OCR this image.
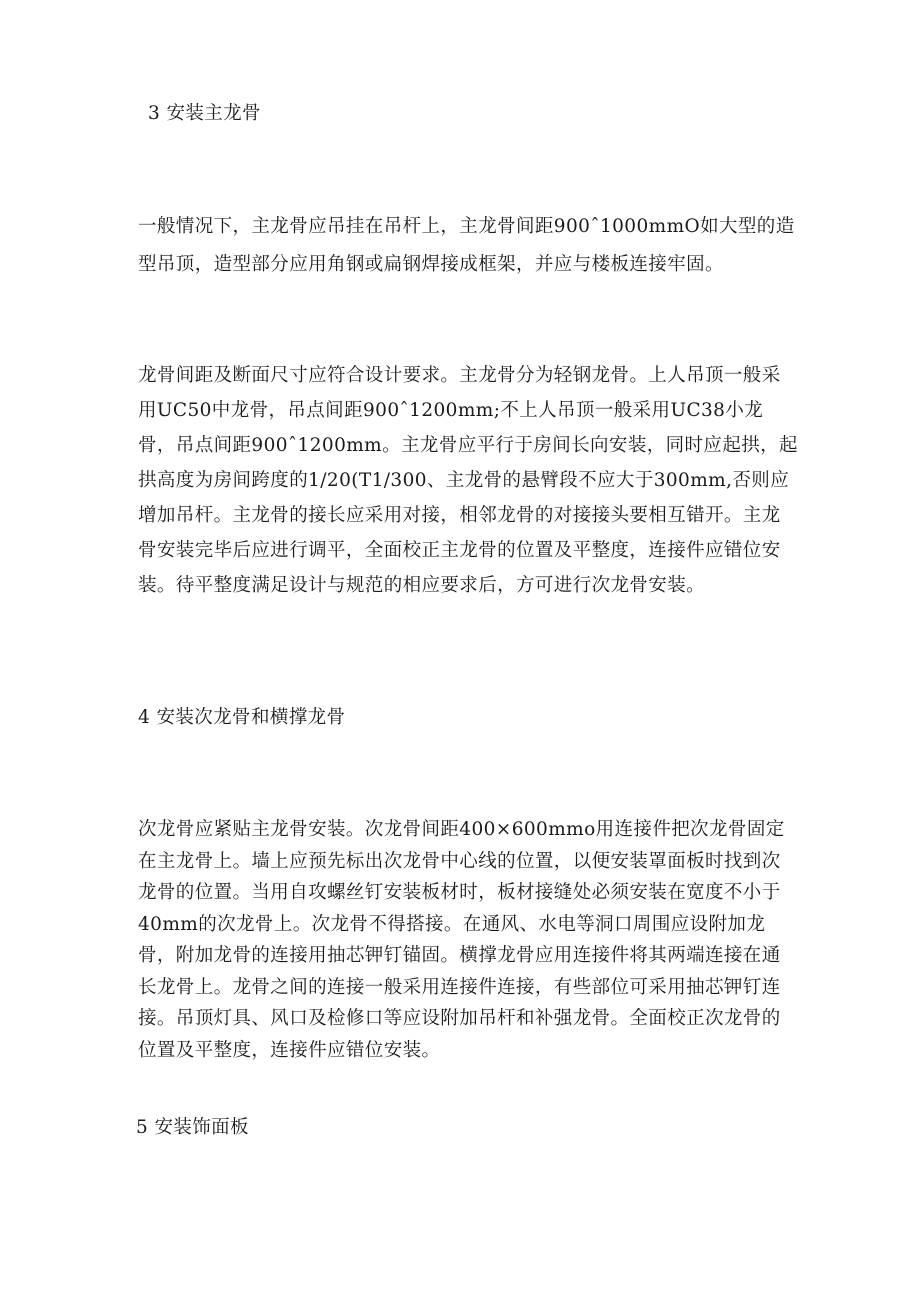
3 安装主龙骨

一般情况下，主龙骨应吊挂在吊杆上，主龙骨间距900ˆ1000mmO如大型的造型吊顶，造型部分应用角钢或扁钢焊接成框架，并应与楼板连接牢固。

龙骨间距及断面尺寸应符合设计要求。主龙骨分为轻钢龙骨。上人吊顶一般采用UC50中龙骨，吊点间距900ˆ1200mm;不上人吊顶一般采用UC38小龙骨，吊点间距900ˆ1200mm。主龙骨应平行于房间长向安装，同时应起拱，起拱高度为房间跨度的1/20(T1/300、主龙骨的悬臂段不应大于300mm,否则应增加吊杆。主龙骨的接长应采用对接，相邻龙骨的对接接头要相互错开。主龙骨安装完毕后应进行调平，全面校正主龙骨的位置及平整度，连接件应错位安装。待平整度满足设计与规范的相应要求后，方可进行次龙骨安装。

4 安装次龙骨和横撑龙骨

次龙骨应紧贴主龙骨安装。次龙骨间距400×600mmo用连接件把次龙骨固定在主龙骨上。墙上应预先标出次龙骨中心线的位置，以便安装罩面板时找到次龙骨的位置。当用自攻螺丝钉安装板材时，板材接缝处必须安装在宽度不小于40mm的次龙骨上。次龙骨不得搭接。在通风、水电等洞口周围应设附加龙骨，附加龙骨的连接用抽芯钾钉锚固。横撑龙骨应用连接件将其两端连接在通长龙骨上。龙骨之间的连接一般采用连接件连接，有些部位可采用抽芯钾钉连接。吊顶灯具、风口及检修口等应设附加吊杆和补强龙骨。全面校正次龙骨的位置及平整度，连接件应错位安装。

5 安装饰面板
